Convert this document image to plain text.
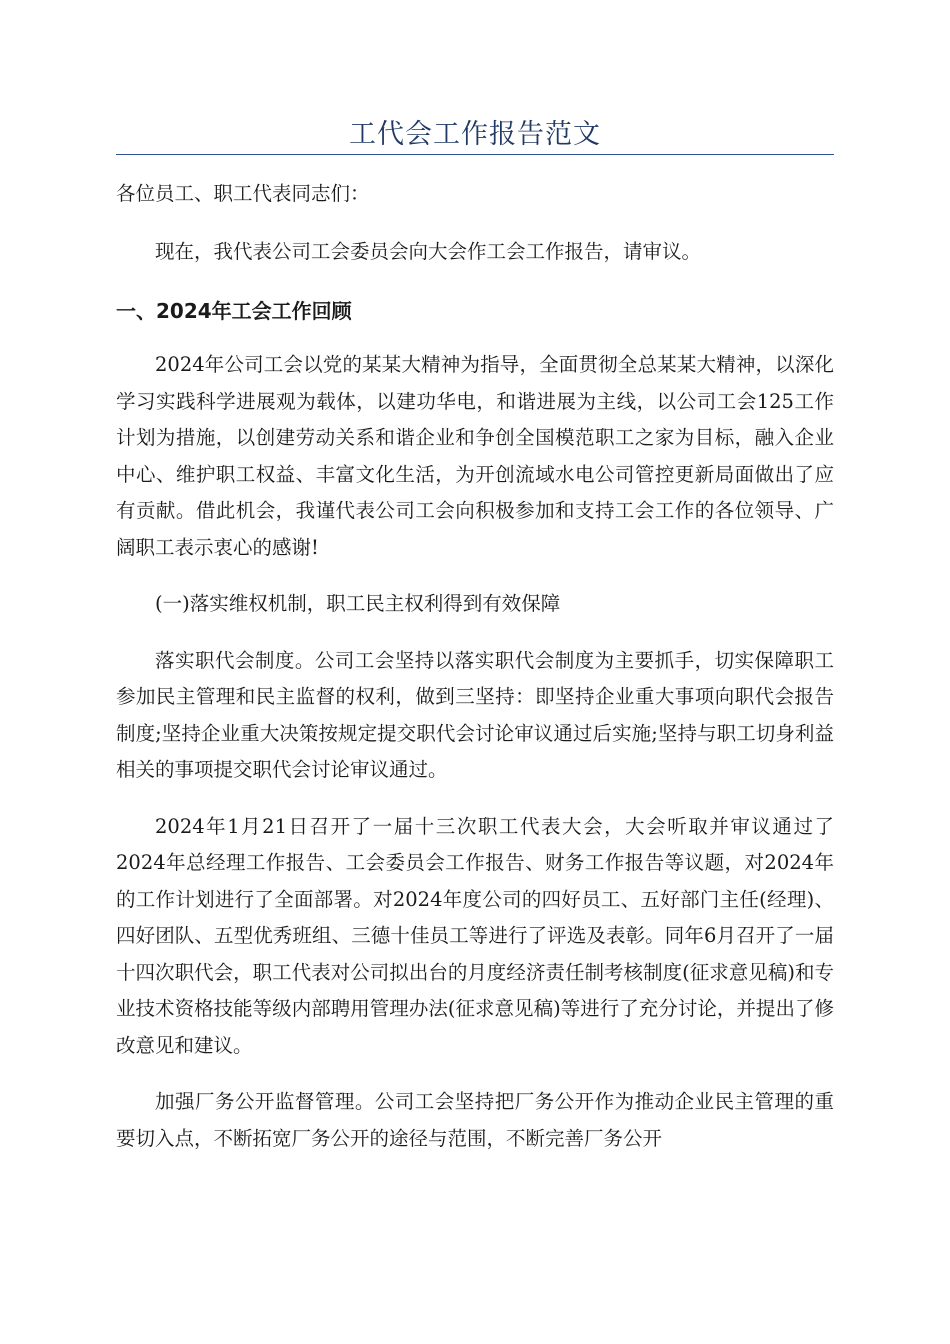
工代会工作报告范文

各位员工、职工代表同志们：

现在，我代表公司工会委员会向大会作工会工作报告，请审议。

一、2024年工会工作回顾

2024年公司工会以党的某某大精神为指导，全面贯彻全总某某大精神，以深化学习实践科学进展观为载体，以建功华电，和谐进展为主线，以公司工会125工作计划为措施，以创建劳动关系和谐企业和争创全国模范职工之家为目标，融入企业中心、维护职工权益、丰富文化生活，为开创流域水电公司管控更新局面做出了应有贡献。借此机会，我谨代表公司工会向积极参加和支持工会工作的各位领导、广阔职工表示衷心的感谢!

(一)落实维权机制，职工民主权利得到有效保障

落实职代会制度。公司工会坚持以落实职代会制度为主要抓手，切实保障职工参加民主管理和民主监督的权利，做到三坚持：即坚持企业重大事项向职代会报告制度;坚持企业重大决策按规定提交职代会讨论审议通过后实施;坚持与职工切身利益相关的事项提交职代会讨论审议通过。

2024年1月21日召开了一届十三次职工代表大会，大会听取并审议通过了2024年总经理工作报告、工会委员会工作报告、财务工作报告等议题，对2024年的工作计划进行了全面部署。对2024年度公司的四好员工、五好部门主任(经理)、四好团队、五型优秀班组、三德十佳员工等进行了评选及表彰。同年6月召开了一届十四次职代会，职工代表对公司拟出台的月度经济责任制考核制度(征求意见稿)和专业技术资格技能等级内部聘用管理办法(征求意见稿)等进行了充分讨论，并提出了修改意见和建议。

加强厂务公开监督管理。公司工会坚持把厂务公开作为推动企业民主管理的重要切入点，不断拓宽厂务公开的途径与范围，不断完善厂务公开
